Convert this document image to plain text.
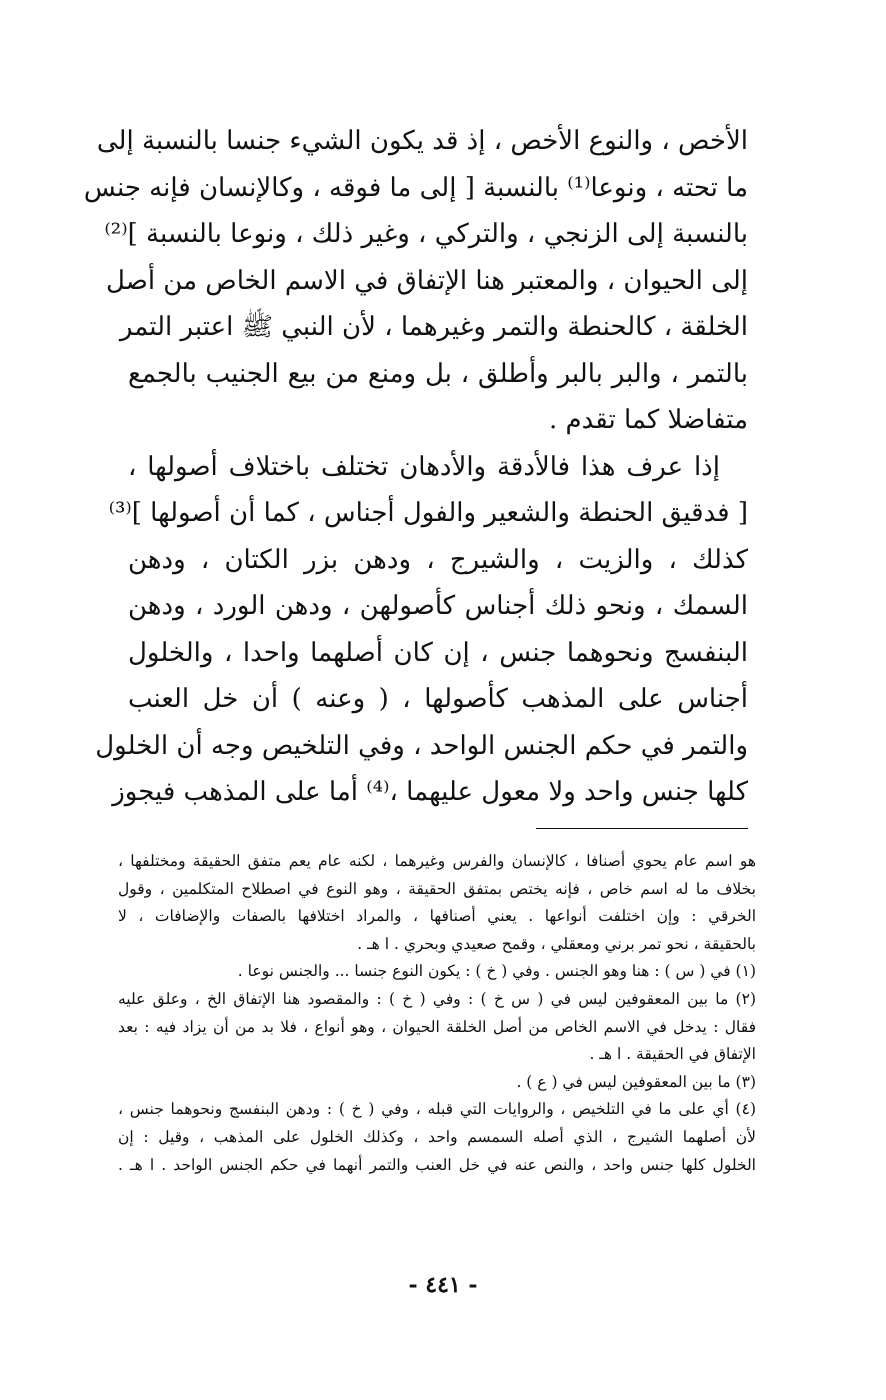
الأخص ، والنوع الأخص ، إذ قد يكون الشيء جنسا بالنسبة إلى
ما تحته ، ونوعا⁽¹⁾ بالنسبة [ إلى ما فوقه ، وكالإنسان فإنه جنس
بالنسبة إلى الزنجي ، والتركي ، وغير ذلك ، ونوعا بالنسبة ]⁽²⁾
إلى الحيوان ، والمعتبر هنا الإتفاق في الاسم الخاص من أصل
الخلقة ، كالحنطة والتمر وغيرهما ، لأن النبي ﷺ اعتبر التمر
بالتمر ، والبر بالبر وأطلق ، بل ومنع من بيع الجنيب بالجمع
متفاضلا كما تقدم .
إذا عرف هذا فالأدقة والأدهان تختلف باختلاف أصولها ،
[ فدقيق الحنطة والشعير والفول أجناس ، كما أن أصولها ]⁽³⁾
كذلك ، والزيت ، والشيرج ، ودهن بزر الكتان ، ودهن
السمك ، ونحو ذلك أجناس كأصولهن ، ودهن الورد ، ودهن
البنفسج ونحوهما جنس ، إن كان أصلهما واحدا ، والخلول
أجناس على المذهب كأصولها ، ( وعنه ) أن خل العنب
والتمر في حكم الجنس الواحد ، وفي التلخيص وجه أن الخلول
كلها جنس واحد ولا معول عليهما ،⁽⁴⁾ أما على المذهب فيجوز
هو اسم عام يحوي أصنافا ، كالإنسان والفرس وغيرهما ، لكنه عام يعم متفق الحقيقة ومختلفها ،
بخلاف ما له اسم خاص ، فإنه يختص بمتفق الحقيقة ، وهو النوع في اصطلاح المتكلمين ، وقول
الخرقي : وإن اختلفت أنواعها . يعني أصنافها ، والمراد اختلافها بالصفات والإضافات ، لا
بالحقيقة ، نحو تمر برني ومعقلي ، وقمح صعيدي وبحري . ا هـ .
(١) في ( س ) : هنا وهو الجنس . وفي ( خ ) : يكون النوع جنسا ... والجنس نوعا .
(٢) ما بين المعقوفين ليس في ( س خ ) : وفي ( خ ) : والمقصود هنا الإتفاق الخ ، وعلق عليه
فقال : يدخل في الاسم الخاص من أصل الخلقة الحيوان ، وهو أنواع ، فلا بد من أن يزاد فيه : بعد
الإتفاق في الحقيقة . ا هـ .
(٣) ما بين المعقوفين ليس في ( ع ) .
(٤) أي على ما في التلخيص ، والروايات التي قبله ، وفي ( خ ) : ودهن البنفسج ونحوهما جنس ،
لأن أصلهما الشيرج ، الذي أصله السمسم واحد ، وكذلك الخلول على المذهب ، وقيل : إن
الخلول كلها جنس واحد ، والنص عنه في خل العنب والتمر أنهما في حكم الجنس الواحد . ا هـ .
- ٤٤١ -
